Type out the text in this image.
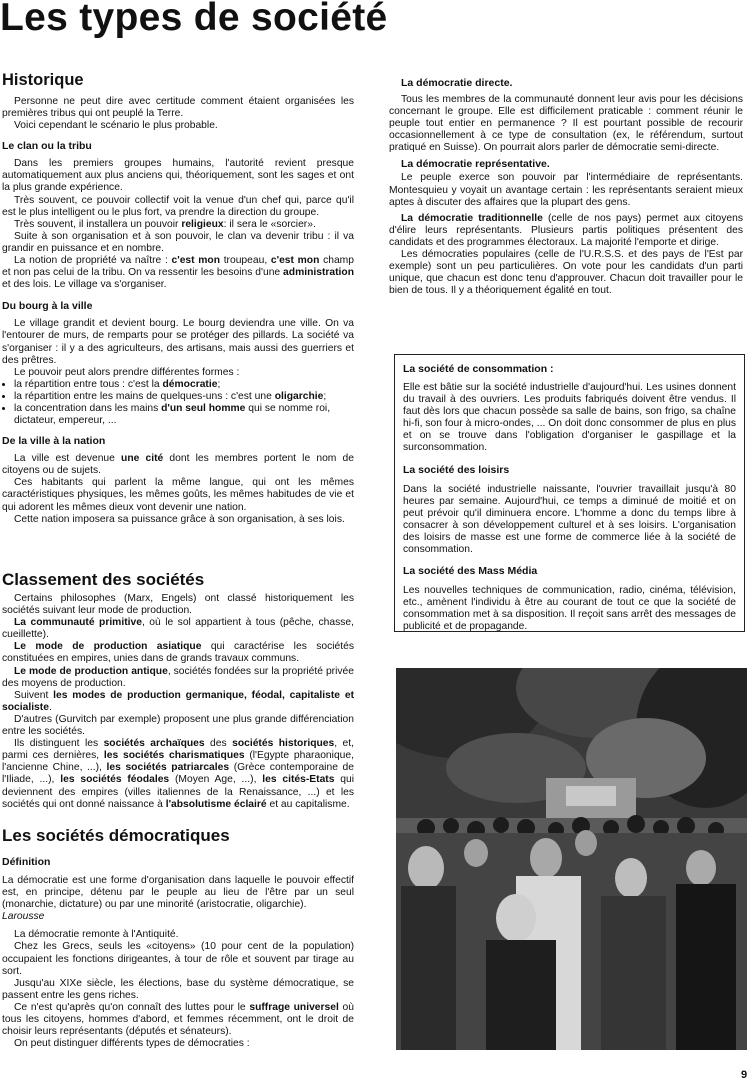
Les types de société
Historique

Personne ne peut dire avec certitude comment étaient organisées les premières tribus qui ont peuplé la Terre.

Voici cependant le scénario le plus probable.

Le clan ou la tribu

Dans les premiers groupes humains, l'autorité revient presque automatiquement aux plus anciens qui, théoriquement, sont les sages et ont la plus grande expérience.

Très souvent, ce pouvoir collectif voit la venue d'un chef qui, parce qu'il est le plus intelligent ou le plus fort, va prendre la direction du groupe.

Très souvent, il installera un pouvoir religieux: il sera le «sorcier».

Suite à son organisation et à son pouvoir, le clan va devenir tribu : il va grandir en puissance et en nombre.

La notion de propriété va naître : c'est mon troupeau, c'est mon champ et non pas celui de la tribu. On va ressentir les besoins d'une administration et des lois. Le village va s'organiser.

Du bourg à la ville

Le village grandit et devient bourg. Le bourg deviendra une ville. On va l'entourer de murs, de remparts pour se protéger des pillards. La société va s'organiser : il y a des agriculteurs, des artisans, mais aussi des guerriers et des prêtres.

Le pouvoir peut alors prendre différentes formes :

• la répartition entre tous : c'est la démocratie;
• la répartition entre les mains de quelques-uns : c'est une oligarchie;
• la concentration dans les mains d'un seul homme qui se nomme roi, dictateur, empereur, ...
De la ville à la nation

La ville est devenue une cité dont les membres portent le nom de citoyens ou de sujets.

Ces habitants qui parlent la même langue, qui ont les mêmes caractéristiques physiques, les mêmes goûts, les mêmes habitudes de vie et qui adorent les mêmes dieux vont devenir une nation.

Cette nation imposera sa puissance grâce à son organisation, à ses lois.

Classement des sociétés

Certains philosophes (Marx, Engels) ont classé historiquement les sociétés suivant leur mode de production.

La communauté primitive, où le sol appartient à tous (pêche, chasse, cueillette).

Le mode de production asiatique qui caractérise les sociétés constituées en empires, unies dans de grands travaux communs.

Le mode de production antique, sociétés fondées sur la propriété privée des moyens de production.

Suivent les modes de production germanique, féodal, capitaliste et socialiste.

D'autres (Gurvitch par exemple) proposent une plus grande différenciation entre les sociétés.

Ils distinguent les sociétés archaïques des sociétés historiques, et, parmi ces dernières, les sociétés charismatiques (l'Egypte pharaonique, l'ancienne Chine, ...), les sociétés patriarcales (Grèce contemporaine de l'Iliade, ...), les sociétés féodales (Moyen Age, ...), les cités-Etats qui deviennent des empires (villes italiennes de la Renaissance, ...) et les sociétés qui ont donné naissance à l'absolutisme éclairé et au capitalisme.

Les sociétés démocratiques
Définition

La démocratie est une forme d'organisation dans laquelle le pouvoir effectif est, en principe, détenu par le peuple au lieu de l'être par un seul (monarchie, dictature) ou par une minorité (aristocratie, oligarchie).

Larousse

La démocratie remonte à l'Antiquité.

Chez les Grecs, seuls les «citoyens» (10 pour cent de la population) occupaient les fonctions dirigeantes, à tour de rôle et souvent par tirage au sort.

Jusqu'au XIXe siècle, les élections, base du système démocratique, se passent entre les gens riches.

Ce n'est qu'après qu'on connaît des luttes pour le suffrage universel où tous les citoyens, hommes d'abord, et femmes récemment, ont le droit de choisir leurs représentants (députés et sénateurs).

On peut distinguer différents types de démocraties :

La démocratie directe.

Tous les membres de la communauté donnent leur avis pour les décisions concernant le groupe. Elle est difficilement praticable : comment réunir le peuple tout entier en permanence ? Il est pourtant possible de recourir occasionnellement à ce type de consultation (ex, le référendum, surtout pratiqué en Suisse). On pourrait alors parler de démocratie semi-directe.

La démocratie représentative.

Le peuple exerce son pouvoir par l'intermédiaire de représentants. Montesquieu y voyait un avantage certain : les représentants seraient mieux aptes à discuter des affaires que la plupart des gens.

La démocratie traditionnelle (celle de nos pays) permet aux citoyens d'élire leurs représentants. Plusieurs partis politiques présentent des candidats et des programmes électoraux. La majorité l'emporte et dirige.

Les démocraties populaires (celle de l'U.R.S.S. et des pays de l'Est par exemple) sont un peu particulières. On vote pour les candidats d'un parti unique, que chacun est donc tenu d'approuver. Chacun doit travailler pour le bien de tous. Il y a théoriquement égalité en tout.

La société de consommation :

Elle est bâtie sur la société industrielle d'aujourd'hui. Les usines donnent du travail à des ouvriers. Les produits fabriqués doivent être vendus. Il faut dès lors que chacun possède sa salle de bains, son frigo, sa chaîne hi-fi, son four à micro-ondes, ... On doit donc consommer de plus en plus et on se trouve dans l'obligation d'organiser le gaspillage et la surconsommation.

La société des loisirs

Dans la société industrielle naissante, l'ouvrier travaillait jusqu'à 80 heures par semaine. Aujourd'hui, ce temps a diminué de moitié et on peut prévoir qu'il diminuera encore. L'homme a donc du temps libre à consacrer à son développement culturel et à ses loisirs. L'organisation des loisirs de masse est une forme de commerce liée à la société de consommation.

La société des Mass Média

Les nouvelles techniques de communication, radio, cinéma, télévision, etc., amènent l'individu à être au courant de tout ce que la société de consommation met à sa disposition. Il reçoit sans arrêt des messages de publicité et de propagande.

9
